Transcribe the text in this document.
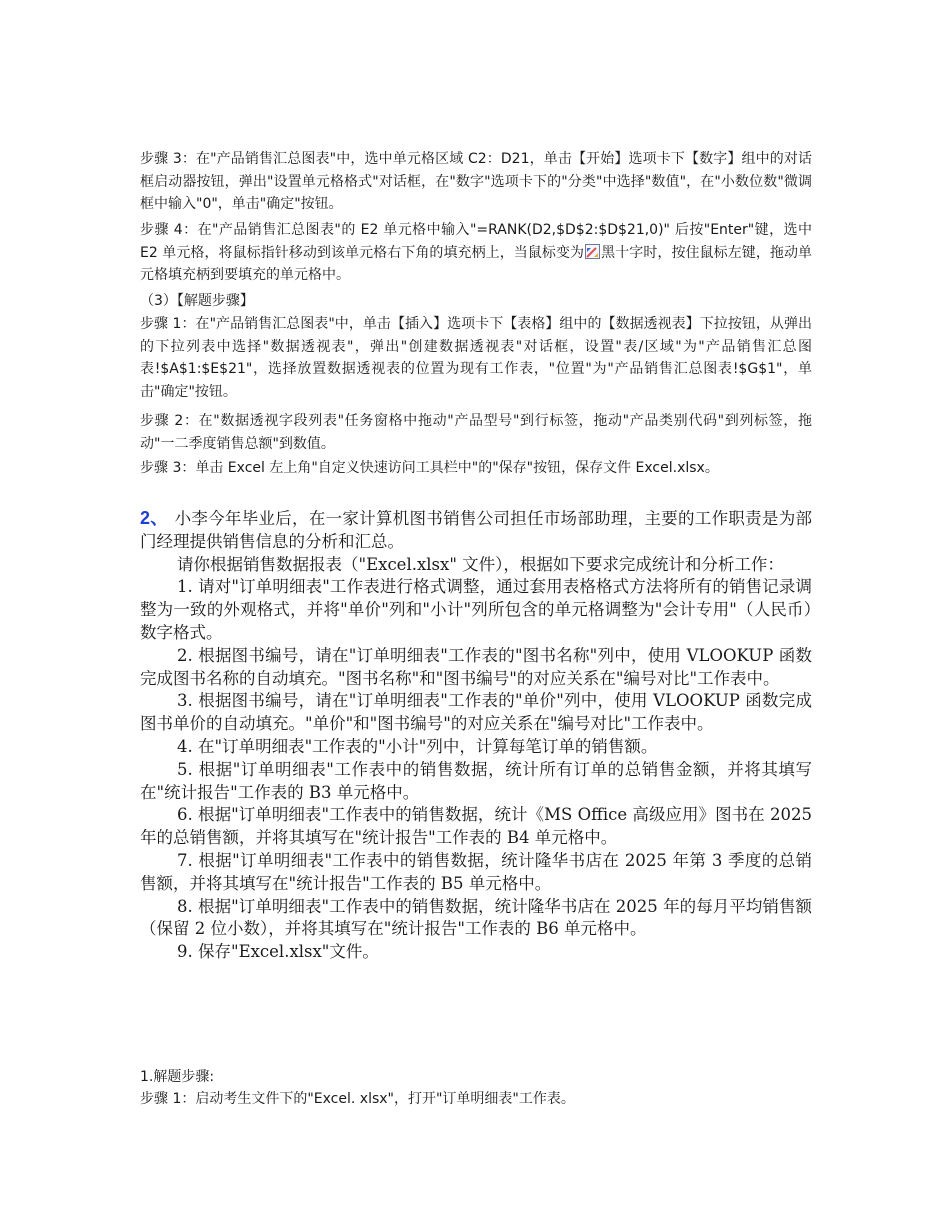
步骤 3：在"产品销售汇总图表"中，选中单元格区域 C2：D21，单击【开始】选项卡下【数字】组中的对话框启动器按钮，弹出"设置单元格格式"对话框，在"数字"选项卡下的"分类"中选择"数值"，在"小数位数"微调框中输入"0"，单击"确定"按钮。

步骤 4：在"产品销售汇总图表"的 E2 单元格中输入"=RANK(D2,$D$2:$D$21,0)" 后按"Enter"键，选中 E2 单元格，将鼠标指针移动到该单元格右下角的填充柄上，当鼠标变为 黑十字时，按住鼠标左键，拖动单元格填充柄到要填充的单元格中。

（3）【解题步骤】

步骤 1：在"产品销售汇总图表"中，单击【插入】选项卡下【表格】组中的【数据透视表】下拉按钮，从弹出的下拉列表中选择"数据透视表"，弹出"创建数据透视表"对话框，设置"表/区域"为"产品销售汇总图表!$A$1:$E$21"，选择放置数据透视表的位置为现有工作表，"位置"为"产品销售汇总图表!$G$1"，单击"确定"按钮。

步骤 2：在"数据透视字段列表"任务窗格中拖动"产品型号"到行标签，拖动"产品类别代码"到列标签，拖动"一二季度销售总额"到数值。

步骤 3：单击 Excel 左上角"自定义快速访问工具栏中"的"保存"按钮，保存文件 Excel.xlsx。

2、 小李今年毕业后，在一家计算机图书销售公司担任市场部助理，主要的工作职责是为部门经理提供销售信息的分析和汇总。

请你根据销售数据报表（"Excel.xlsx" 文件），根据如下要求完成统计和分析工作：

1. 请对"订单明细表"工作表进行格式调整，通过套用表格格式方法将所有的销售记录调整为一致的外观格式，并将"单价"列和"小计"列所包含的单元格调整为"会计专用"（人民币）数字格式。

2. 根据图书编号，请在"订单明细表"工作表的"图书名称"列中，使用 VLOOKUP 函数完成图书名称的自动填充。"图书名称"和"图书编号"的对应关系在"编号对比"工作表中。

3. 根据图书编号，请在"订单明细表"工作表的"单价"列中，使用 VLOOKUP 函数完成图书单价的自动填充。"单价"和"图书编号"的对应关系在"编号对比"工作表中。

4. 在"订单明细表"工作表的"小计"列中，计算每笔订单的销售额。

5. 根据"订单明细表"工作表中的销售数据，统计所有订单的总销售金额，并将其填写在"统计报告"工作表的 B3 单元格中。

6. 根据"订单明细表"工作表中的销售数据，统计《MS Office 高级应用》图书在 2025 年的总销售额，并将其填写在"统计报告"工作表的 B4 单元格中。

7. 根据"订单明细表"工作表中的销售数据，统计隆华书店在 2025 年第 3 季度的总销售额，并将其填写在"统计报告"工作表的 B5 单元格中。

8. 根据"订单明细表"工作表中的销售数据，统计隆华书店在 2025 年的每月平均销售额（保留 2 位小数），并将其填写在"统计报告"工作表的 B6 单元格中。

9. 保存"Excel.xlsx"文件。

1.解题步骤:

步骤 1：启动考生文件下的"Excel. xlsx"，打开"订单明细表"工作表。
